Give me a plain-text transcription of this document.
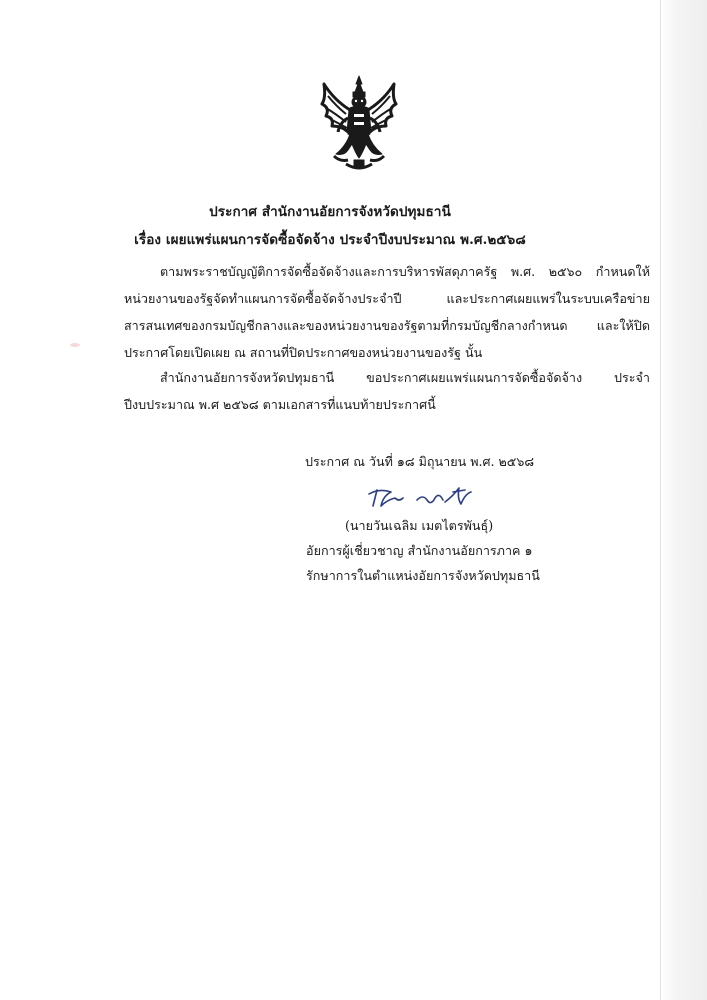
ประกาศ สำนักงานอัยการจังหวัดปทุมธานี
เรื่อง เผยแพร่แผนการจัดซื้อจัดจ้าง ประจำปีงบประมาณ พ.ศ.๒๕๖๘

ตามพระราชบัญญัติการจัดซื้อจัดจ้างและการบริหารพัสดุภาครัฐ พ.ศ. ๒๕๖๐ กำหนดให้หน่วยงานของรัฐจัดทำแผนการจัดซื้อจัดจ้างประจำปี และประกาศเผยแพร่ในระบบเครือข่ายสารสนเทศของกรมบัญชีกลางและของหน่วยงานของรัฐตามที่กรมบัญชีกลางกำหนด และให้ปิดประกาศโดยเปิดเผย ณ สถานที่ปิดประกาศของหน่วยงานของรัฐ นั้น

สำนักงานอัยการจังหวัดปทุมธานี ขอประกาศเผยแพร่แผนการจัดซื้อจัดจ้าง ประจำปีงบประมาณ พ.ศ ๒๕๖๘ ตามเอกสารที่แนบท้ายประกาศนี้

ประกาศ ณ วันที่ ๑๘ มิถุนายน พ.ศ. ๒๕๖๘
(นายวันเฉลิม เมตไตรพันธุ์)
อัยการผู้เชี่ยวชาญ สำนักงานอัยการภาค ๑
รักษาการในตำแหน่งอัยการจังหวัดปทุมธานี
